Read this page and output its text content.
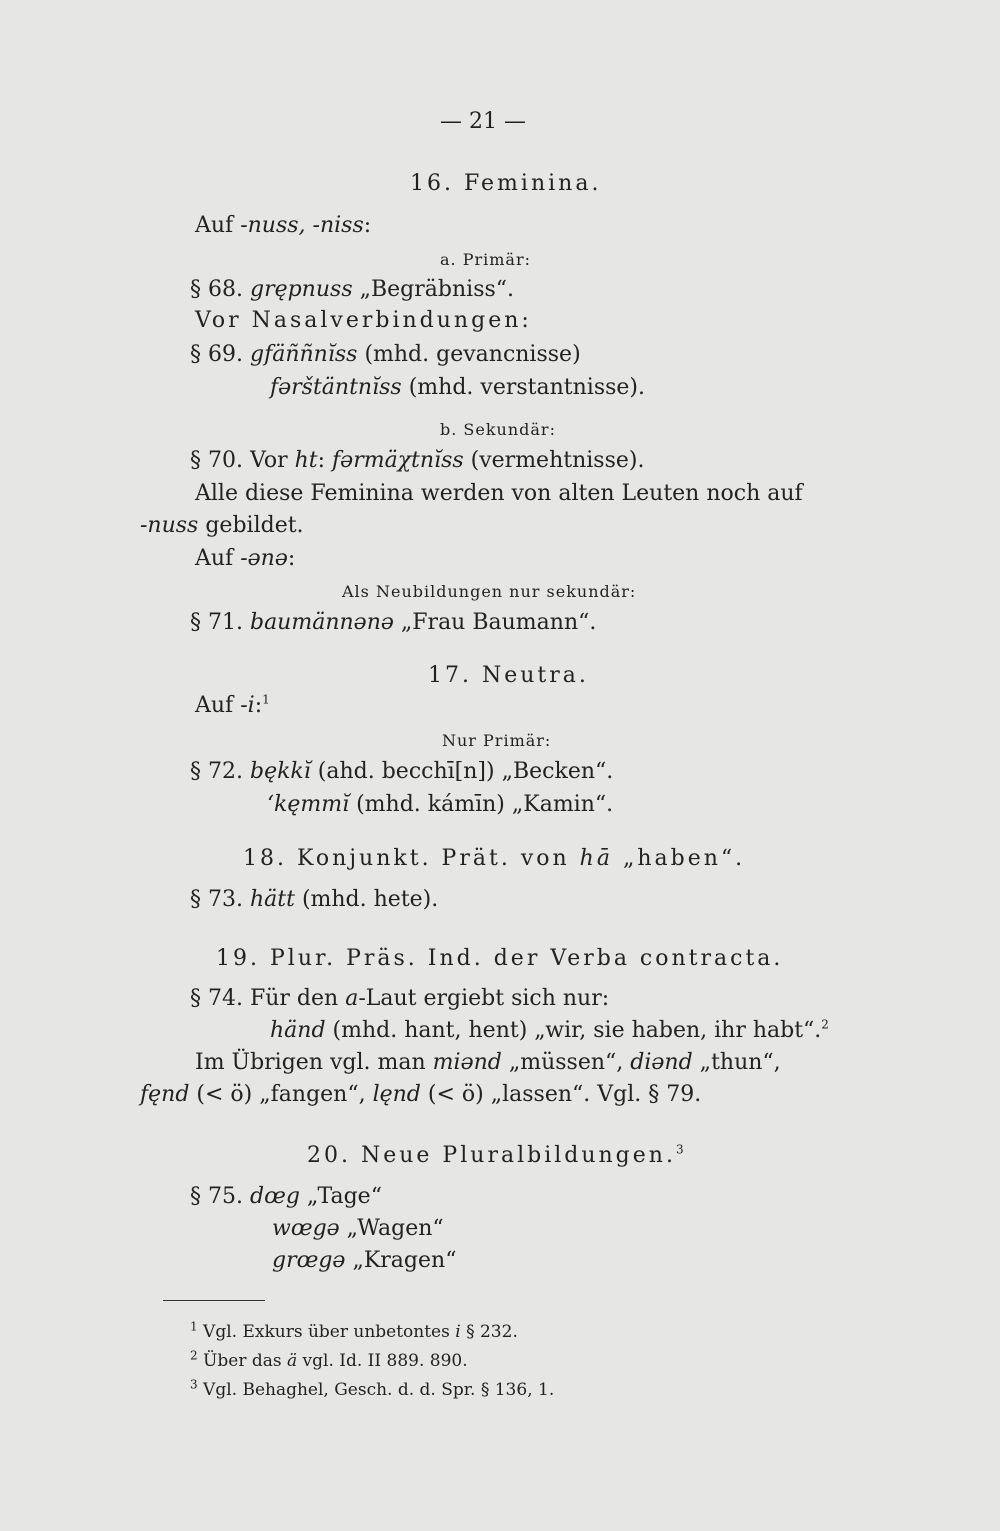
— 21 —
16. Feminina.
Auf -nuss, -niss:
a. Primär:
§ 68. grępnuss „Begräbniss“.
Vor Nasalverbindungen:
§ 69. gfäññnĭss (mhd. gevancnisse)
fərštäntnĭss (mhd. verstantnisse).
b. Sekundär:
§ 70. Vor ht: fərmäχtnĭss (vermehtnisse).
Alle diese Feminina werden von alten Leuten noch auf
-nuss gebildet.
Auf -ənə:
Als Neubildungen nur sekundär:
§ 71. baumännənə „Frau Baumann“.
17. Neutra.
Auf -i:$^1$
Nur Primär:
§ 72. bękkĭ (ahd. becchī[n]) „Becken“.
‘kęmmĭ (mhd. kámīn) „Kamin“.
18. Konjunkt. Prät. von hā „haben“.
§ 73. hätt (mhd. hete).
19. Plur. Präs. Ind. der Verba contracta.
§ 74. Für den a-Laut ergiebt sich nur:
händ (mhd. hant, hent) „wir, sie haben, ihr habt“.$^2$
Im Übrigen vgl. man miənd „müssen“, diənd „thun“,
fęnd (< ö) „fangen“, lęnd (< ö) „lassen“. Vgl. § 79.
20. Neue Pluralbildungen.$^3$
§ 75. dœg „Tage“
wœgə „Wagen“
grœgə „Kragen“
$^1$ Vgl. Exkurs über unbetontes i § 232.
$^2$ Über das ä vgl. Id. II 889. 890.
$^3$ Vgl. Behaghel, Gesch. d. d. Spr. § 136, 1.
